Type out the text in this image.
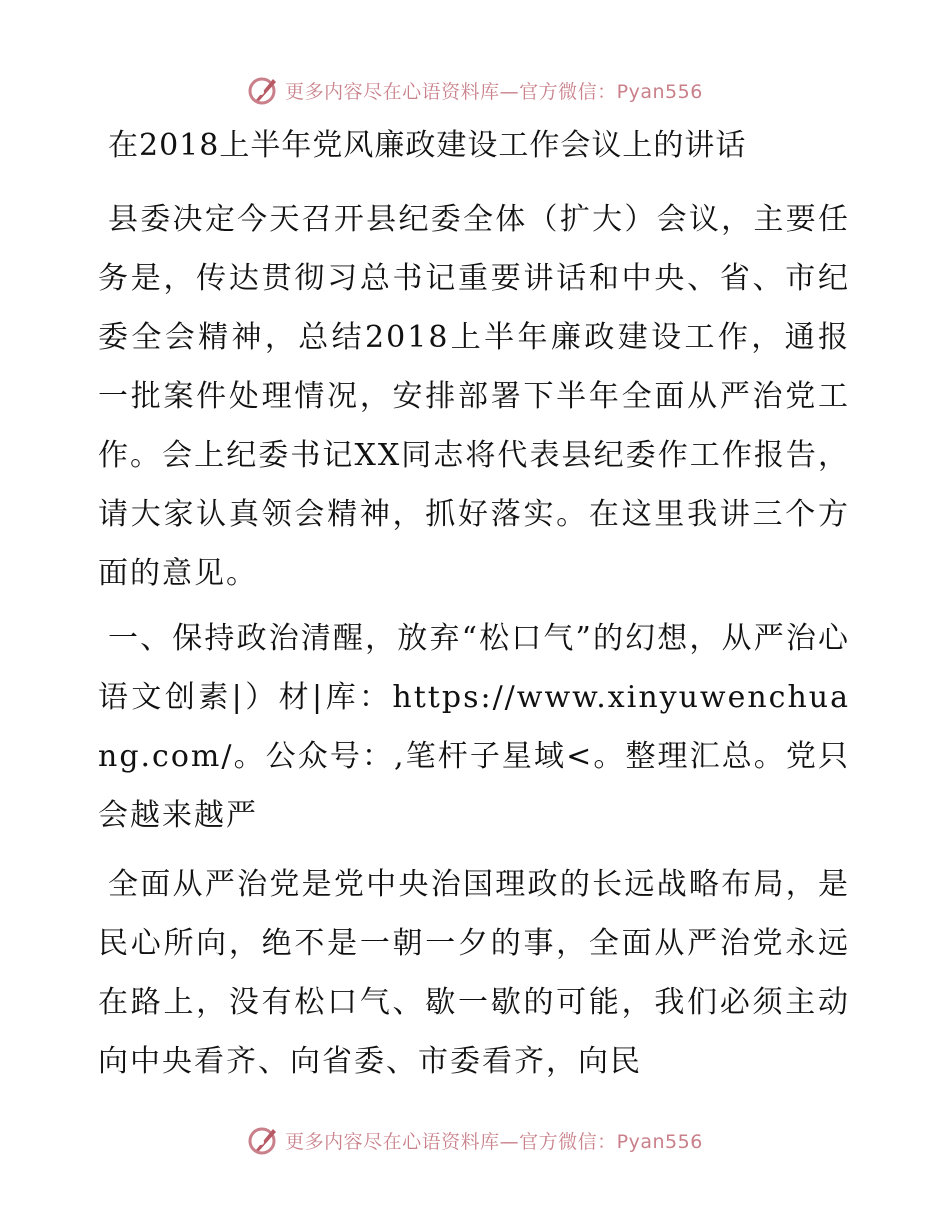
更多内容尽在心语资料库—官方微信：Pyan556
在2018上半年党风廉政建设工作会议上的讲话

县委决定今天召开县纪委全体（扩大）会议，主要任务是，传达贯彻习总书记重要讲话和中央、省、市纪委全会精神，总结2018上半年廉政建设工作，通报一批案件处理情况，安排部署下半年全面从严治党工作。会上纪委书记XX同志将代表县纪委作工作报告，请大家认真领会精神，抓好落实。在这里我讲三个方面的意见。

一、保持政治清醒，放弃“松口气”的幻想，从严治心语文创素|）材|库：https://www.xinyuwenchuang.com/。公众号：,笔杆子星域<。整理汇总。党只会越来越严

全面从严治党是党中央治国理政的长远战略布局，是民心所向，绝不是一朝一夕的事，全面从严治党永远在路上，没有松口气、歇一歇的可能，我们必须主动向中央看齐、向省委、市委看齐，向民

更多内容尽在心语资料库—官方微信：Pyan556
